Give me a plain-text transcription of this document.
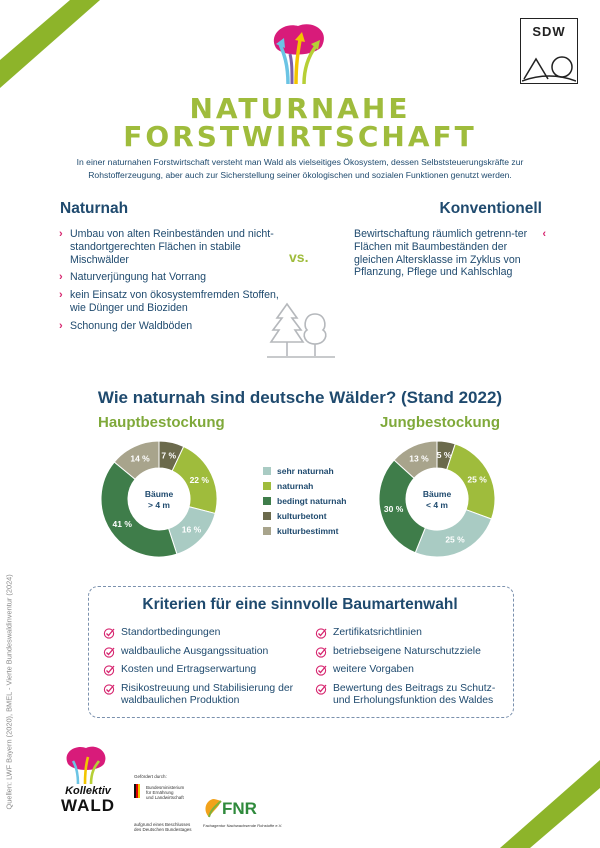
SDW
NATURNAHE
FORSTWIRTSCHAFT
In einer naturnahen Forstwirtschaft versteht man Wald als vielseitiges Ökosystem, dessen Selbststeuerungskräfte zur
Rohstofferzeugung, aber auch zur Sicherstellung seiner ökologischen und sozialen Funktionen genutzt werden.
Naturnah	Konventionell
› Umbau von alten Reinbeständen und nicht-standortgerechten Flächen in stabile Mischwälder
› Naturverjüngung hat Vorrang
› kein Einsatz von ökosystemfremden Stoffen, wie Dünger und Bioziden
› Schonung der Waldböden
vs.
‹
Bewirtschaftung räumlich getrenn-ter Flächen mit Baumbeständen der gleichen Altersklasse im Zyklus von Pflanzung, Pflege und Kahlschlag
Wie naturnah sind deutsche Wälder? (Stand 2022)
Hauptbestockung	Jungbestockung
7 %
22 %
16 %
41 %
14 %
Bäume
> 4 m
5 %
25 %
25 %
30 %
13 %
Bäume
< 4 m
sehr naturnah
naturnah
bedingt naturnah
kulturbetont
kulturbestimmt
Kriterien für eine sinnvolle Baumartenwahl
Standortbedingungen
waldbauliche Ausgangssituation
Kosten und Ertragserwartung
Risikostreuung und Stabilisierung der waldbaulichen Produktion
Zertifikatsrichtlinien
betriebseigene Naturschutzziele
weitere Vorgaben
Bewertung des Beitrags zu Schutz- und Erholungsfunktion des Waldes
Quellen: LWF Bayern (2020), BMEL - Vierte Bundeswaldinventur (2024)	Kollektiv
WALD
Gefördert durch:
Bundesministerium
für Ernährung
und Landwirtschaft
aufgrund eines Beschlusses
des Deutschen Bundestages
FNR
Fachagentur Nachwachsende Rohstoffe e.V.
